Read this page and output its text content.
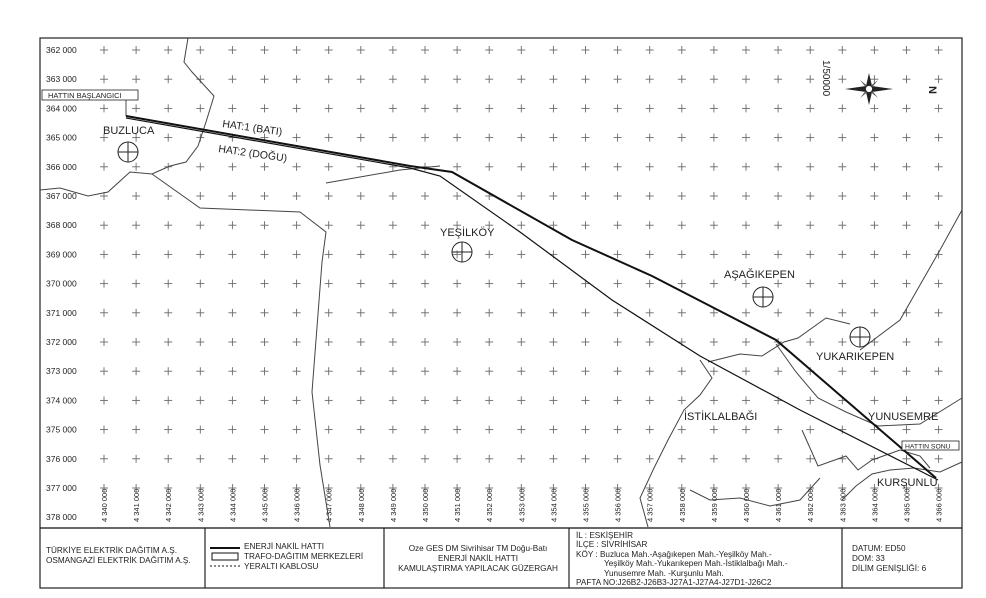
362 000
363 000
364 000
365 000
366 000
367 000
368 000
369 000
370 000
371 000
372 000
373 000
374 000
375 000
376 000
377 000
378 000	4 340 000	4 341 000	4 342 000	4 343 000	4 344 000	4 345 000	4 346 000	4 347 000	4 348 000	4 349 000	4 350 000	4 351 000	4 352 000	4 353 000	4 354 000	4 355 000	4 356 000	4 357 000	4 358 000	4 359 000	4 360 000	4 361 000	4 362 000	4 363 000	4 364 000	4 365 000	4 366 000
BUZLUCA
YEŞİLKÖY
AŞAĞIKEPEN
YUKARIKEPEN
YUNUSEMRE
İSTİKLALBAĞI
KURŞUNLU
HAT:1 (BATI)
HAT:2 (DOĞU)
HATTIN BAŞLANGICI
HATTIN SONU
1/50000	N
TÜRKİYE ELEKTRİK DAĞITIM A.Ş.
OSMANGAZİ ELEKTRİK DAĞITIM A.Ş.
ENERJİ NAKİL HATTI
TRAFO-DAĞITIM MERKEZLERİ
YERALTI KABLOSU
Oze GES DM Sivrihisar TM Doğu-Batı
ENERJİ NAKİL HATTI
KAMULAŞTIRMA YAPILACAK GÜZERGAH
İL : ESKİŞEHİR
İLÇE : SİVRİHİSAR
KÖY : Buzluca Mah.-Aşağıkepen Mah.-Yeşilköy Mah.-
Yeşilköy Mah.-Yukarıkepen Mah.-İstiklalbağı Mah.-
Yunusemre Mah. -Kurşunlu Mah.
PAFTA NO:J26B2-J26B3-J27A1-J27A4-J27D1-J26C2
DATUM: ED50
DOM: 33
DİLİM GENİŞLİĞİ: 6
